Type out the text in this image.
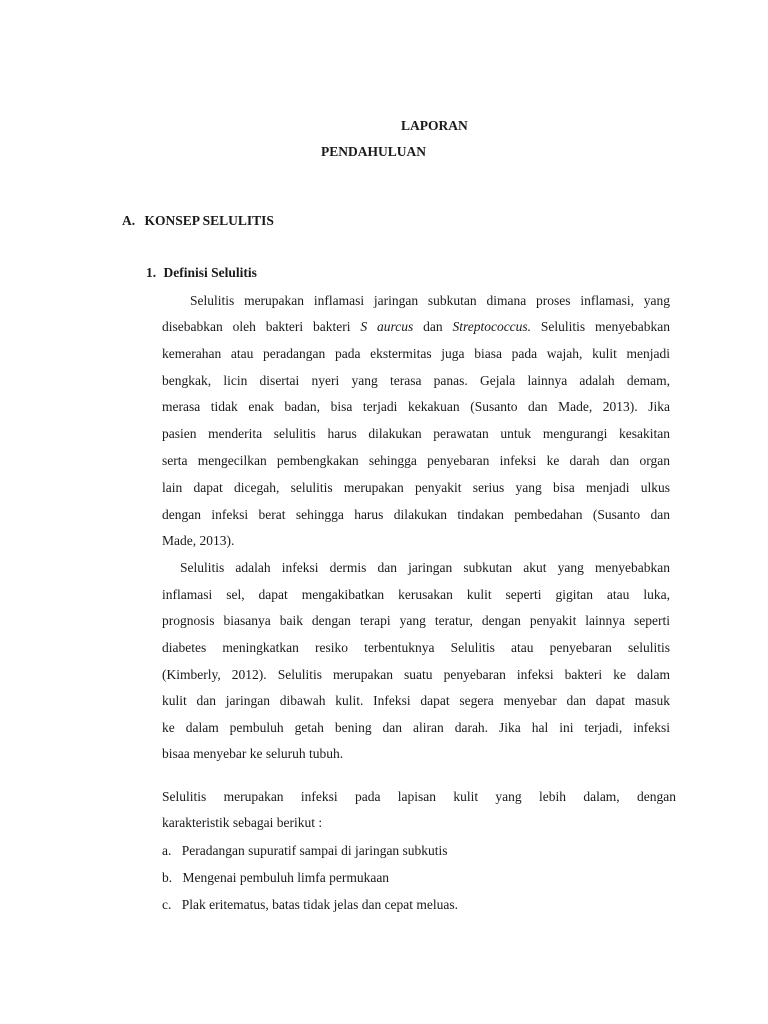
LAPORAN
PENDAHULUAN
A. KONSEP SELULITIS
1. Definisi Selulitis
Selulitis merupakan inflamasi jaringan subkutan dimana proses inflamasi, yang
disebabkan oleh bakteri bakteri S aurcus dan Streptococcus. Selulitis menyebabkan
kemerahan atau peradangan pada ekstermitas juga biasa pada wajah, kulit menjadi
bengkak, licin disertai nyeri yang terasa panas. Gejala lainnya adalah demam,
merasa tidak enak badan, bisa terjadi kekakuan (Susanto dan Made, 2013). Jika
pasien menderita selulitis harus dilakukan perawatan untuk mengurangi kesakitan
serta mengecilkan pembengkakan sehingga penyebaran infeksi ke darah dan organ
lain dapat dicegah, selulitis merupakan penyakit serius yang bisa menjadi ulkus
dengan infeksi berat sehingga harus dilakukan tindakan pembedahan (Susanto dan
Made, 2013).
Selulitis adalah infeksi dermis dan jaringan subkutan akut yang menyebabkan
inflamasi sel, dapat mengakibatkan kerusakan kulit seperti gigitan atau luka,
prognosis biasanya baik dengan terapi yang teratur, dengan penyakit lainnya seperti
diabetes meningkatkan resiko terbentuknya Selulitis atau penyebaran selulitis
(Kimberly, 2012). Selulitis merupakan suatu penyebaran infeksi bakteri ke dalam
kulit dan jaringan dibawah kulit. Infeksi dapat segera menyebar dan dapat masuk
ke dalam pembuluh getah bening dan aliran darah. Jika hal ini terjadi, infeksi
bisaa menyebar ke seluruh tubuh.
Selulitis merupakan infeksi pada lapisan kulit yang lebih dalam, dengan
karakteristik sebagai berikut :
a. Peradangan supuratif sampai di jaringan subkutis
b. Mengenai pembuluh limfa permukaan
c. Plak eritematus, batas tidak jelas dan cepat meluas.
